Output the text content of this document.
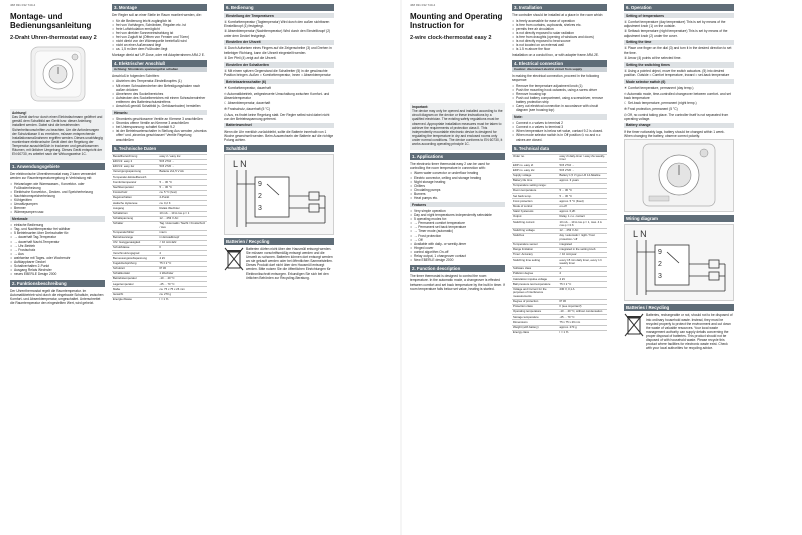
468 931 032 740-4
Montage- und Bedienungsanleitung
2-Draht Uhren-thermostat easy 2
Achtung!

Das Gerät darf nur durch einen Elektrofachmann geöffnet und gemäß dem Schaltbild am Gerät bzw. dieser Anleitung installiert werden. Dabei sind die bestehenden Sicherheitsvorschriften zu beachten. Um die Anforderungen der Schutzklasse II zu erreichen, müssen entsprechende Installationsmaßnahmen ergriffen werden. Dieses unabhängig montierbare elektronische Gerät dient der Regelung der Temperatur ausschließlich in trockenen und geschlossenen Räumen, mit üblicher Umgebung. Dieses Gerät entspricht der EN 60730, es arbeitet nach der Wirkungsweise 1C.

1. Anwendungsgebiete

Der elektronische Uhrenthermostat easy 2 kann verwendet werden zur Raumtemperaturregelung in Verbindung mit:

• Heizanlagen wie Warmwasser-, Konvektor- oder Fußbodenheizung
• Elektrische Konvektor-, Decken- und Speicherheizung
• Nachtstromspeicherheizung
• Kühlgeräten
• Umwälzpumpen
• Brenner
• Wärmepumpen usw.
Merkmale
• einfache Bedienung
• Tag- und Nachttemperatur frei wählbar
• 5 Betriebsarten über Drehschalter für:
• → dauerhaft Tag-Temperatur
• → dauerhaft Nacht-Temperatur
• → Uhr-Betrieb
• → Frostschutz
• → Aus
• wahlweise mit Tages- oder Wochenuhr
• Aufklappbarer Deckel
• Schaltverhalten 2-Punkt
• Ausgang Relais Wechsler
• neues EBERLE Design 2000
2. Funktionsbeschreibung

Der Uhrenthermostat regelt die Raumtemperatur. Im Automatikbetrieb wird durch die eingebaute Schaltuhr, zwischen Komfort- und Absenktemperatur, umgeschaltet. Unterschreitet die Raumtemperatur den eingestellten Wert, wird geheizt.

3. Montage

Der Regler soll an einer Stelle im Raum montiert werden, die:

• für die Bedienung leicht zugänglich ist
• frei von Vorhängen, Schränken, Regalen etc. ist
• freie Luftzirkulation ermöglicht
• frei von direkter Sonneneinstrahlung ist
• frei von Zugluft ist (Öffnen von Fenster und Türen)
• nicht direkt von der Wärmequelle beeinflußt wird
• nicht an einer Außenwand liegt
• ca. 1,5 m über dem Fußboden liegt

Montage direkt auf UP-Dose, oder mit Adapterrahmen ARA 2 E.

4. Elektrischer Anschluß
Achtung: Stromkreis spannungsfrei schalten

Anschluß in folgenden Schritten:

• Abziehen des Temperatur-Einstellknopfes (1)
• Mit einem Schraubendreher den Befestigungshaken nach außen drücken
• Abnehmen des Sockelbereiches
• Aufstecken des Sockelbereiches mit einem Schraubendreher entfernen des Batterieschutzstreifens
• Anschluß gemäß Schaltbild (s. Gehäuseboden) herstellen
Hinweis:
• Stromkreis geschlossene Ventile an Klemme 3 anschließen
• Stromlos offene Ventile an Klemme 3 anschließen
• bei Unterspannung: schaltet Kontakt 9-2
• ist der Betriebsartenschalter in Stellung Aus wenden „stromlos offen“ und „stromlos geschlossen“ Ventile Regelung anschließen
5. Technische Daten
Bestellbezeichnung	easy 2 / easy 2w
EDV-Nr. easy 2	515 2710 ...
EDV-Nr. easy 2w	515 2720 ...
Versorgungsspannung	Batterie 2x1,5 V AA
Temperatur-Einstellbereich	
Komforttemperatur	5 ... 30 °C
Nachttemperatur	5 ... 30 °C
Frostschutz	ca. 5 °C (fest)
Regelverhalten	2-Punkt
statische Hysterese	ca. 0,2 K
Ausgang	Relais Wechsler
Schaltstrom	10 mA ... 10 A cos φ = 1
Schaltspannung	12 ... 253 V AC
Schalter	Tag / Automatik / Nacht / Frostschutz / Aus
Temperaturfühler	intern
Betriebsanzeige	im Einstellknopf
Uhr: Ganggenauigkeit	< 10 min/Jahr
Schutzklasse	II
Verschmutzungsgrad	2
Bemessungsstoßspannung	4 kV
Kugeldruckprüfung	75 ± 2 °C
Schutzart	IP 30
Schaltkontakt	1 Wechsler
Betriebstemperatur	-10 ... 40 °C
Lagertemperatur	-25 ... 70 °C
Maße	ca. 75 x 75 x 26 mm
Gewicht	ca. 270 g
Energie-Klasse	I = 1 %
6. Bedienung
Einstellung der Temperaturen

① Komforttemperatur (Tagtemperatur) Wird durch den außen sichtbaren Einstellknopf (1) festgelegt.

② Absenktemperatur (Nachttemperatur) Wird durch den Einstellknopf (2) unter dem Deckel festgelegt.

Einstellen der Uhrzeit

① Durch Aufsetzen eines Fingers auf die Zeigerscheibe (3) und Drehen in beliebiger Richtung, kann die Uhrzeit eingestellt werden.

② Der Pfeil (4) zeigt auf die Uhrzeit.

Einstellen der Schaltzeiten

① Mit einem spitzen Gegenstand die Schaltreiter (5) in die gewünschte Position bringen. Außen = Komforttemperatur, Innen = Absenktemperatur

Betriebsartenschalter (6)

☀ Komforttemperatur, dauerhaft

⏲ Automatikbetrieb, zeitgesteuerte Umschaltung zwischen Komfort- und Absenktemperatur

☾ Absenktemperatur, dauerhaft

❄ Frostschutz, dauerhaft (5 °C)

⏻ Aus, es findet keine Regelung statt. Der Regler selbst wird dabei nicht von der Betriebsspannung getrennt.

Batteriewechsel

Wenn die Uhr merklich zurückbleibt, sollte die Batterie innerhalb von 1 Woche gewechselt werden. Beim Auswechseln der Batterie auf die richtige Polung achten.

Schaltbild
L N
9
2
3
Batterien / Recycling

Batterien dürfen nicht über den Hausmüll entsorgt werden. Sie müssen vorschriftsmäßig entsorgt werden und die Umwelt zu schonen. Batterien können dort entsorgt werden wo sie gekauft werden oder bei öffentlichen Sammelstellen. Dieses Produkt darf nicht über den Hausmüll entsorgt werden. Bitte nutzen Sie die öffentlichen Einrichtungen für Elektronikschrott entsorgen. Erkundigen Sie sich bei den örtlichen Behörden zur Recycling-Beratung.

468 931 032 740-4
Mounting and Operating Instruction for
2-wire clock-thermostat easy 2
Important:

The device may only be opened and installed according to the circuit diagram on the device or these instructions by a qualified electrician. The existing safety regulations must be observed. Appropriate installation measures must be taken to achieve the requirements of protection class II. This independently mountable electronic device is designed for regulating the temperature in dry and enclosed rooms only under normal conditions. The device conforms to EN 60730, it works according operating principle 1C.

1. Applications

The electronic timer thermostat easy 2 can be used for controlling the room temperature in connection with:

• Warm water convector or underfloor heating
• Electric convector, ceiling and storage heating
• Night storage heating
• Chillers
• Circulating pumps
• Burners
• Heat pumps etc.
Features
• Very simple operation
• Day and night temperatures independently selectable
• 5 operating modes for:
• → Permanent comfort temperature
• → Permanent set back temperature
• → Timer mode (automatic)
• → Frost protection
• → Off
• Available with daily- or weekly-timer
• Hinged cover
• control algorithm On-off
• Relay output, 1 changeover contact
• New EBERLE design 2000
2. Function description

The timer thermostat is designed to control the room temperature. In the automatic mode, a changeover is effected between comfort and set back temperature by the built in timer. If room temperature falls below set value, heating is started.

3. Installation

The controller should be installed at a place in the room which:

• is freely accessible for ease of operation
• is free from curtains, cupboards, shelves etc.
• permits free air circulation
• is not directly exposed to solar radiation
• is free from draughts (opening of windows and doors)
• is not directly exposed to heat source
• is not located on an external wall
• is 1.5 m above the floor

Installation on a conduit box, or with adapter frame ARA 2E.

4. Electrical connection
Caution: disconnect electric circuit from supply

In making the electrical connection, proceed in the following sequence:

• Remove the temperature adjustment knob (1)
• Push the mounting hook outwards, using a screw driver
• Remove housing top
• Push out battery compartment, using a screwdriver, remove battery protection strip
• Carry out electrical connection in accordance with circuit diagram (see housing top)
Note:
• Connect n.c valves to terminal 2
• Connect n.o valves to terminal 3
• When temperature is below set value, contact 9-2 is closed.
• When mode selector switch is in Off position ⏻ no and n.c valves are closed.
5. Technical data
Order no.	easy 2t daily-timer / easy 2w weekly-timer
EDP no. easy 2t	515 2710 ...
EDP no. easy 2w	515 2720 ...
Supply voltage	Battery 1,5 V type LR 14 Alkaline
Battery life time	approx. 3 years
Temperature setting range:	
Room temperature	5 ... 30 °C
Set back temp.	5 ... 30 °C
Frost protection	approx. 5 °C (fixed)
Mode of control	on-off
Static hysteresis	approx. 0,2K
Output	Relay, 1 c.o. contact
Switching current	10 mA ... 10 A cos φ = 1, max. 4 A cos φ = 0.6
Switching voltage	12 ... 253 V AC
Switches	day / automatic / night / frost protection / off
Temperature sensor	integrated
Range limitation	integrated in the setting knob
Timer: Accuracy	< 10 min/year
Switching time setting	every 15 min daily timer, every 1 h weekly timer
Software class	A
Pollution degree	2
Calculation impulse voltage	4 kV
Ball pressure test temperature	75 ± 2 °C
Voltage and Current for the purposes of interference measurements	230 V, 0,1 A
Degree of protection	IP 30
Protection class	II (see important!)
Operating temperature	-10 ... 40 °C, without condensation
Storage temperature	-25 ... 70 °C
Dimensions	75 x 75 x 26 mm
Weight (with battery)	approx. 270 g
Energy class	I = 1 %
6. Operation
Setting of temperatures

① Comfort temperature (day temperature) This is set by means of the adjustment knob (1) on the outside.

② Setback temperature (night temperature) This is set by means of the adjustment knob (2) under the cover.

Setting the time

① Place one finger on the dial (3) and turn it in the desired direction to set the time.

② Arrow (4) points at the selected time.

Setting the switching times

① Using a pointed object, move the switch actuators. (5) into desired position. Outside = Comfort temperature, Inward = set-back temperature

Mode selector switch (6)

☀ Comfort temperature, permanent (day temp.)

⏲ Automatic mode, time-controlled changeover between comfort- and set back temperature

☾ Set-back temperature, permanent (night temp.)

❄ Frost protection, permanent (5 °C)

⏻ Off, no control taking place. The controller itself is not separated from operating voltage.

Battery change

If the timer noticeably lags, battery should be changed within 1 week. When changing the battery, observe correct polarity.

Wiring diagram
L N
9
2
3
Batteries / Recycling

Batteries, rechargeable or not, should not to be disposed of into ordinary household waste. Instead, they must be recycled properly to protect the environment and cut down the waste of valuable resources. Your local waste management authority can supply details concerning the proper disposal of batteries. This product should not be disposed of with household waste. Please recycle this product where facilities for electronic waste exist. Check with your local authorities for recycling advice.
